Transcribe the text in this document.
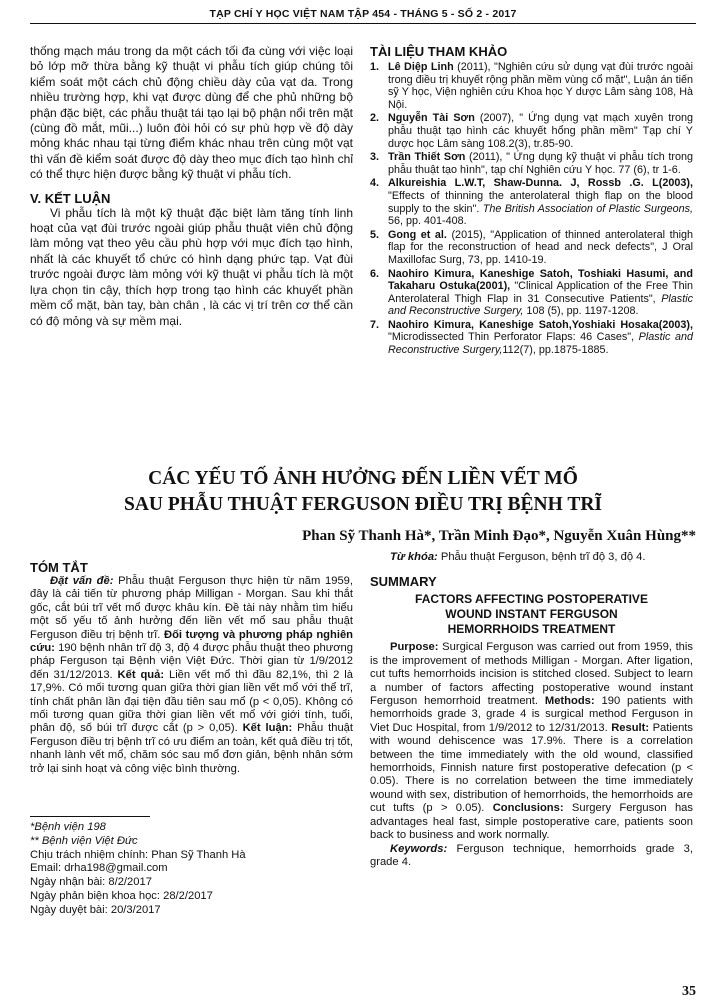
TẠP CHÍ Y HỌC VIỆT NAM TẬP 454 - THÁNG 5 - SỐ 2 - 2017

thống mạch máu trong da một cách tối đa cùng với việc loại bỏ lớp mỡ thừa bằng kỹ thuật vi phẫu tích giúp chúng tôi kiểm soát một cách chủ động chiều dày của vạt da. Trong nhiều trường hợp, khi vạt được dùng để che phủ những bộ phận đặc biệt, các phẫu thuật tái tạo lại bộ phận nổi trên mặt (cùng đồ mắt, mũi...) luôn đòi hỏi có sự phù hợp về độ dày mỏng khác nhau tại từng điểm khác nhau trên cùng một vạt thì vấn đề kiểm soát được độ dày theo mục đích tạo hình chỉ có thể thực hiện được bằng kỹ thuật vi phẫu tích.

V. KẾT LUẬN

Vi phẫu tích là một kỹ thuật đặc biệt làm tăng tính linh hoạt của vạt đùi trước ngoài giúp phẫu thuật viên chủ động làm mỏng vạt theo yêu cầu phù hợp với mục đích tạo hình, nhất là các khuyết tổ chức có hình dạng phức tạp. Vạt đùi trước ngoài được làm mỏng với kỹ thuật vi phẫu tích là một lựa chọn tin cậy, thích hợp trong tạo hình các khuyết phần mềm cổ mặt, bàn tay, bàn chân , là các vị trí trên cơ thể cần có độ mỏng và sự mềm mại.

TÀI LIỆU THAM KHẢO
1. Lê Diệp Linh (2011), "Nghiên cứu sử dụng vạt đùi trước ngoài trong điều trị khuyết rộng phần mềm vùng cổ mặt", Luận án tiến sỹ Y học, Viện nghiên cứu Khoa học Y dược Lâm sàng 108, Hà Nội.
2. Nguyễn Tài Sơn (2007), " Ứng dụng vạt mạch xuyên trong phẫu thuật tạo hình các khuyết hổng phần mềm" Tạp chí Y dược học Lâm sàng 108.2(3), tr.85-90.
3. Trần Thiết Sơn (2011), " Ứng dụng kỹ thuật vi phẫu tích trong phẫu thuật tạo hình", tạp chí Nghiên cứu Y học. 77 (6), tr 1-6.
4. Alkureishia L.W.T, Shaw-Dunna. J, Rossb .G. L(2003), "Effects of thinning the anterolateral thigh flap on the blood supply to the skin". The British Association of Plastic Surgeons, 56, pp. 401-408.
5. Gong et al. (2015), "Application of thinned anterolateral thigh flap for the reconstruction of head and neck defects", J Oral Maxillofac Surg, 73, pp. 1410-19.
6. Naohiro Kimura, Kaneshige Satoh, Toshiaki Hasumi, and Takaharu Ostuka(2001), "Clinical Application of the Free Thin Anterolateral Thigh Flap in 31 Consecutive Patients", Plastic and Reconstructive Surgery, 108 (5), pp. 1197-1208.
7. Naohiro Kimura, Kaneshige Satoh,Yoshiaki Hosaka(2003), "Microdissected Thin Perforator Flaps: 46 Cases", Plastic and Reconstructive Surgery,112(7), pp.1875-1885.
CÁC YẾU TỐ ẢNH HƯỞNG ĐẾN LIỀN VẾT MỔ
SAU PHẪU THUẬT FERGUSON ĐIỀU TRỊ BỆNH TRĨ
Phan Sỹ Thanh Hà*, Trần Minh Đạo*, Nguyễn Xuân Hùng**
TÓM TẮT

Đặt vấn đề: Phẫu thuật Ferguson thực hiện từ năm 1959, đây là cải tiến từ phương pháp Milligan - Morgan. Sau khi thắt gốc, cắt búi trĩ vết mổ được khâu kín. Đề tài này nhằm tìm hiểu một số yếu tố ảnh hưởng đến liền vết mổ sau phẫu thuật Ferguson điều trị bệnh trĩ. Đối tượng và phương pháp nghiên cứu: 190 bệnh nhân trĩ độ 3, độ 4 được phẫu thuật theo phương pháp Ferguson tại Bệnh viện Việt Đức. Thời gian từ 1/9/2012 đến 31/12/2013. Kết quả: Liền vết mổ thì đầu 82,1%, thì 2 là 17,9%. Có mối tương quan giữa thời gian liền vết mổ với thể trĩ, tính chất phân lần đại tiện đầu tiên sau mổ (p < 0,05). Không có mối tương quan giữa thời gian liền vết mổ với giới tính, tuổi, phân độ, số búi trĩ được cắt (p > 0,05). Kết luận: Phẫu thuật Ferguson điều trị bệnh trĩ có ưu điểm an toàn, kết quả điều trị tốt, nhanh lành vết mổ, chăm sóc sau mổ đơn giản, bệnh nhân sớm trở lại sinh hoạt và công việc bình thường.

*Bệnh viện 198

** Bệnh viện Việt Đức

Chịu trách nhiệm chính: Phan Sỹ Thanh Hà

Email: drha198@gmail.com

Ngày nhận bài: 8/2/2017

Ngày phản biện khoa học: 28/2/2017

Ngày duyệt bài: 20/3/2017

Từ khóa: Phẫu thuật Ferguson, bệnh trĩ độ 3, độ 4.

SUMMARY
FACTORS AFFECTING POSTOPERATIVE
WOUND INSTANT FERGUSON
HEMORRHOIDS TREATMENT

Purpose: Surgical Ferguson was carried out from 1959, this is the improvement of methods Milligan - Morgan. After ligation, cut tufts hemorrhoids incision is stitched closed. Subject to learn a number of factors affecting postoperative wound instant Ferguson hemorrhoid treatment. Methods: 190 patients with hemorrhoids grade 3, grade 4 is surgical method Ferguson in Viet Duc Hospital, from 1/9/2012 to 12/31/2013. Result: Patients with wound dehiscence was 17.9%. There is a correlation between the time immediately with the old wound, classified hemorrhoids, Finnish nature first postoperative defecation (p < 0.05). There is no correlation between the time immediately wound with sex, distribution of hemorrhoids, the hemorrhoids are cut tufts (p > 0.05). Conclusions: Surgery Ferguson has advantages heal fast, simple postoperative care, patients soon back to business and work normally.

Keywords: Ferguson technique, hemorrhoids grade 3, grade 4.

35
